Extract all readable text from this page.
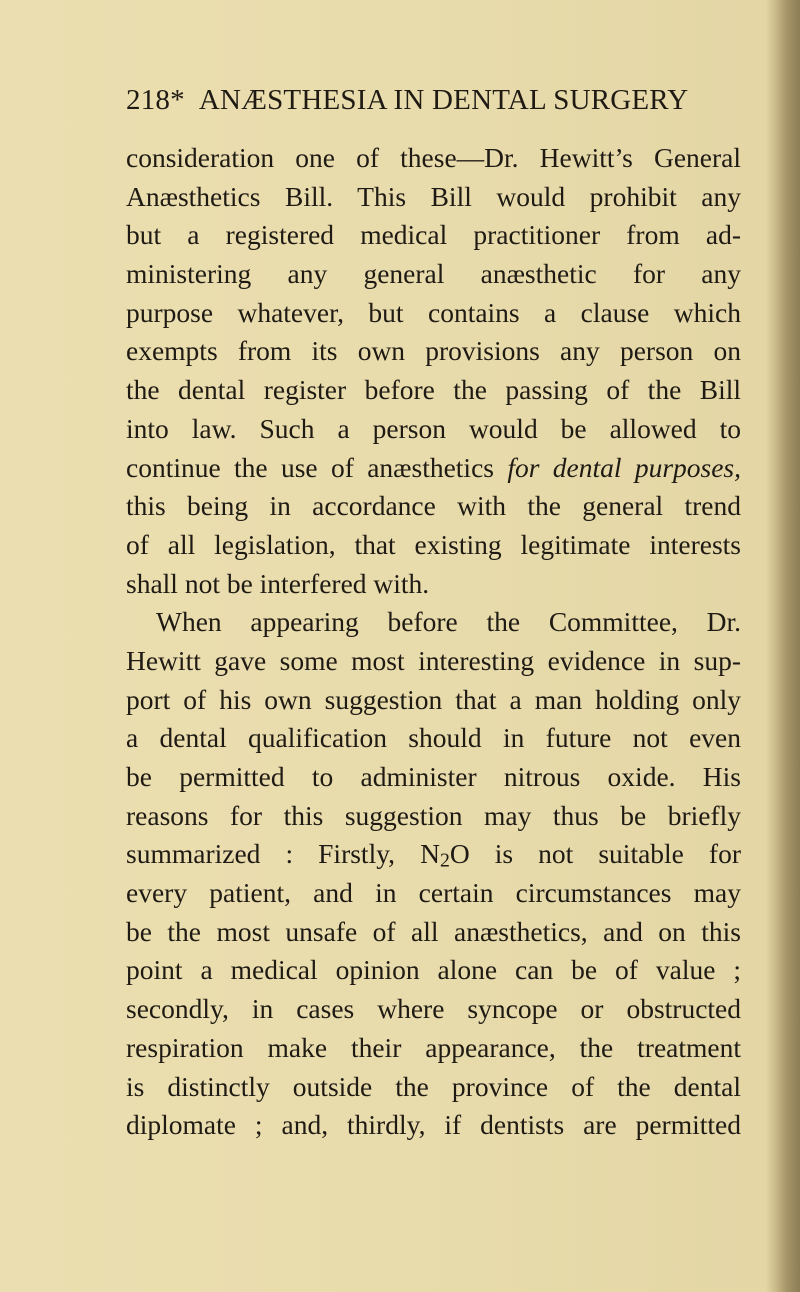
218* ANÆSTHESIA IN DENTAL SURGERY
consideration one of these—Dr. Hewitt’s General
Anæsthetics Bill. This Bill would prohibit any
but a registered medical practitioner from ad-
ministering any general anæsthetic for any
purpose whatever, but contains a clause which
exempts from its own provisions any person on
the dental register before the passing of the Bill
into law. Such a person would be allowed to
continue the use of anæsthetics for dental purposes,
this being in accordance with the general trend
of all legislation, that existing legitimate interests
shall not be interfered with.
When appearing before the Committee, Dr.
Hewitt gave some most interesting evidence in sup-
port of his own suggestion that a man holding only
a dental qualification should in future not even
be permitted to administer nitrous oxide. His
reasons for this suggestion may thus be briefly
summarized : Firstly, N2O is not suitable for
every patient, and in certain circumstances may
be the most unsafe of all anæsthetics, and on this
point a medical opinion alone can be of value ;
secondly, in cases where syncope or obstructed
respiration make their appearance, the treatment
is distinctly outside the province of the dental
diplomate ; and, thirdly, if dentists are permitted
